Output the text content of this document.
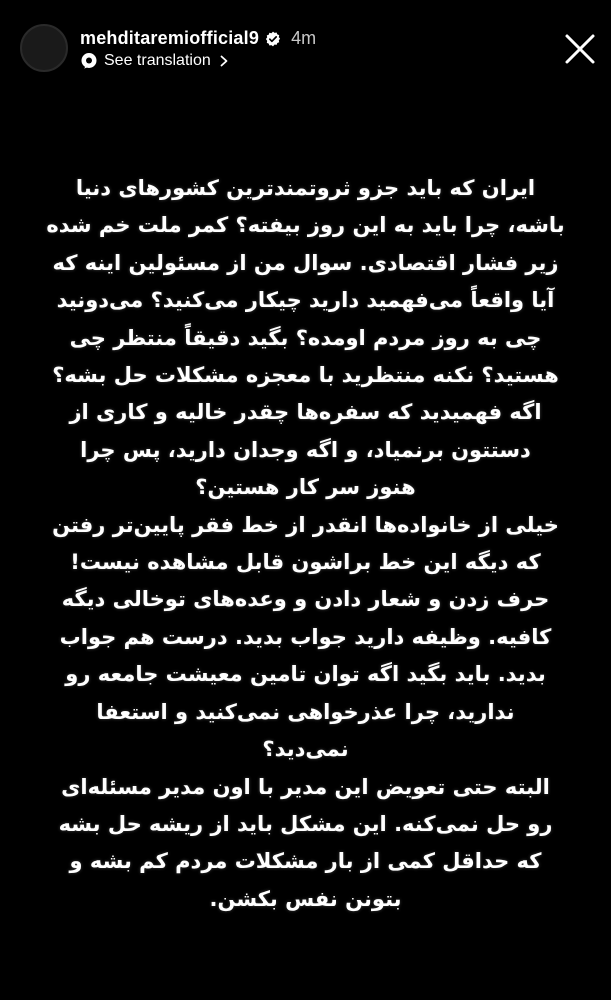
mehditaremiofficial9 4m
See translation
ایران که باید جزو ثروتمندترین کشورهای دنیا
باشه، چرا باید به این روز بیفته؟ کمر ملت خم شده
زیر فشار اقتصادی. سوال من از مسئولین اینه که
آیا واقعاً می‌فهمید دارید چیکار می‌کنید؟ می‌دونید
چی به روز مردم اومده؟ بگید دقیقاً منتظر چی
هستید؟ نکنه منتظرید با معجزه مشکلات حل بشه؟
اگه فهمیدید که سفره‌ها چقدر خالیه و کاری از
دستتون برنمیاد، و اگه وجدان دارید، پس چرا
هنوز سر کار هستین؟
خیلی از خانواده‌ها انقدر از خط فقر پایین‌تر رفتن
که دیگه این خط براشون قابل مشاهده نیست!
حرف زدن و شعار دادن و وعده‌های توخالی دیگه
کافیه. وظیفه دارید جواب بدید. درست هم جواب
بدید. باید بگید اگه توان تامین معیشت جامعه رو
ندارید، چرا عذرخواهی نمی‌کنید و استعفا
نمی‌دید؟
البته حتی تعویض این مدیر با اون مدیر مسئله‌ای
رو حل نمی‌کنه. این مشکل باید از ریشه حل بشه
که حداقل کمی از بار مشکلات مردم کم بشه و
بتونن نفس بکشن.
